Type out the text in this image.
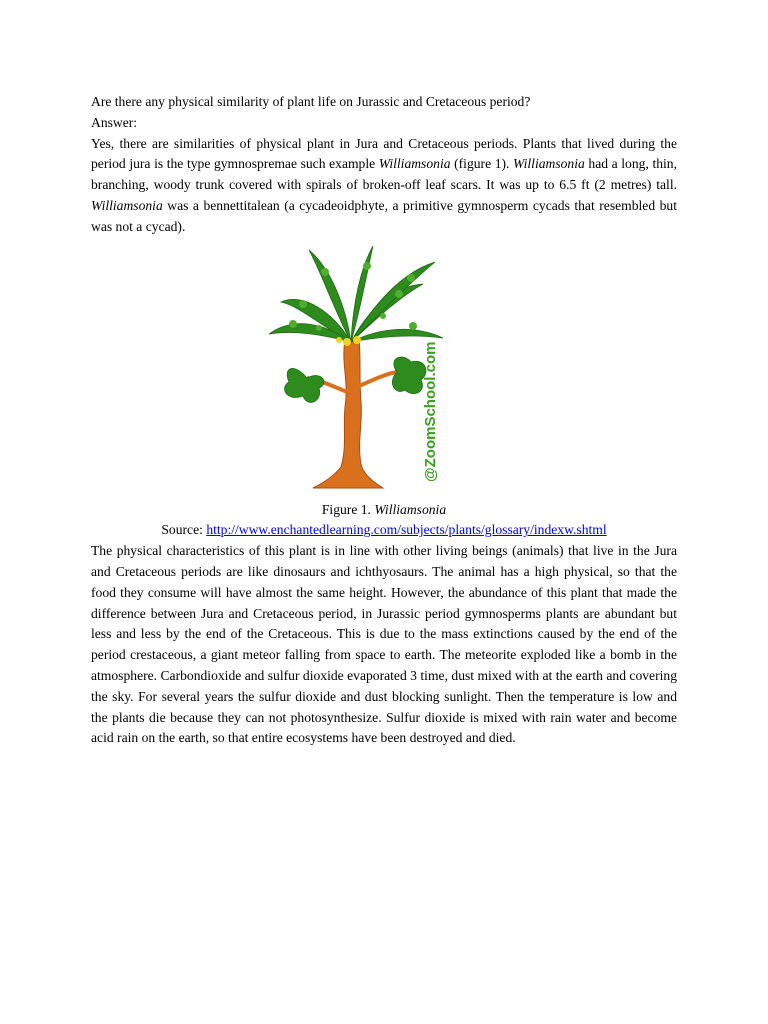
Are there any physical similarity of plant life on Jurassic and Cretaceous period?

Answer:

Yes, there are similarities of physical plant in Jura and Cretaceous periods. Plants that lived during the period jura is the type gymnospremae such example Williamsonia (figure 1). Williamsonia had a long, thin, branching, woody trunk covered with spirals of broken-off leaf scars. It was up to 6.5 ft (2 metres) tall. Williamsonia was a bennettitalean (a cycadeoidphyte, a primitive gymnosperm cycads that resembled but was not a cycad).

@ZoomSchool.com

Figure 1. Williamsonia

Source: http://www.enchantedlearning.com/subjects/plants/glossary/indexw.shtml

The physical characteristics of this plant is in line with other living beings (animals) that live in the Jura and Cretaceous periods are like dinosaurs and ichthyosaurs. The animal has a high physical, so that the food they consume will have almost the same height. However, the abundance of this plant that made the difference between Jura and Cretaceous period, in Jurassic period gymnosperms plants are abundant but less and less by the end of the Cretaceous. This is due to the mass extinctions caused by the end of the period crestaceous, a giant meteor falling from space to earth. The meteorite exploded like a bomb in the atmosphere. Carbondioxide and sulfur dioxide evaporated 3 time, dust mixed with at the earth and covering the sky. For several years the sulfur dioxide and dust blocking sunlight. Then the temperature is low and the plants die because they can not photosynthesize. Sulfur dioxide is mixed with rain water and become acid rain on the earth, so that entire ecosystems have been destroyed and died.
